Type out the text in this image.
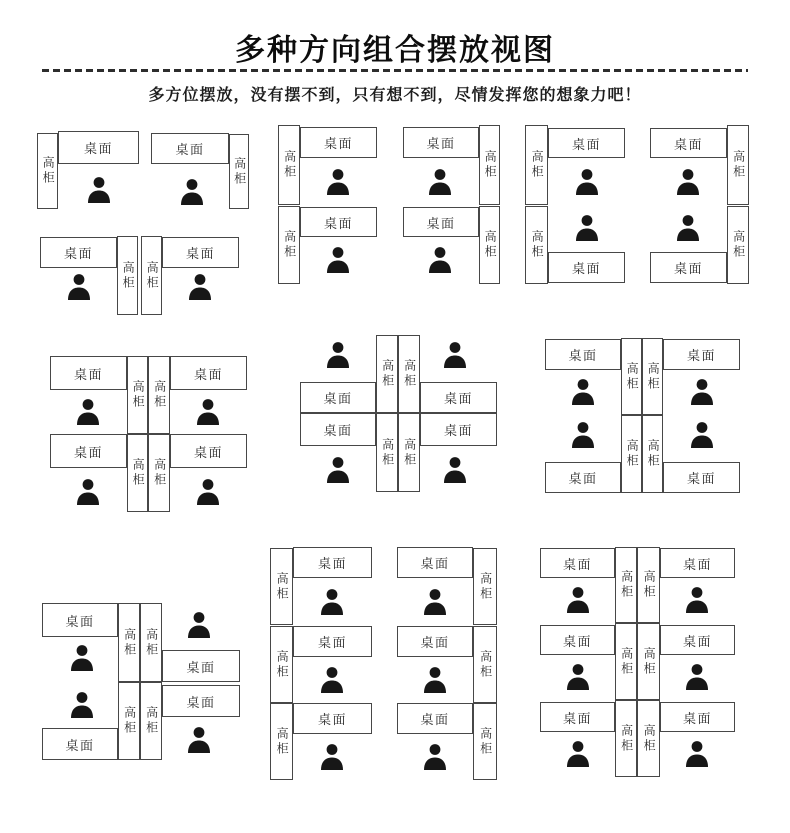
多种方向组合摆放视图
多方位摆放，没有摆不到，只有想不到，尽情发挥您的想象力吧！
高柜
桌面	桌面
高柜
桌面
高柜 高柜
桌面
高柜
桌面
高柜
桌面
桌面
高柜
桌面
高柜
高柜
桌面
高柜
桌面
桌面
高柜
桌面
高柜
桌面
高柜 高柜
桌面
桌面
高柜 高柜
桌面
高柜 高柜
桌面	桌面
桌面	桌面
高柜 高柜
桌面
高柜 高柜
桌面
高柜 高柜
桌面	桌面
桌面
高柜 高柜
桌面
桌面
高柜 高柜
桌面
高柜
桌面
高柜
桌面
高柜
桌面
桌面
高柜
桌面
高柜
桌面
高柜
桌面
高柜 高柜
桌面
桌面
高柜 高柜
桌面
桌面
高柜 高柜
桌面
